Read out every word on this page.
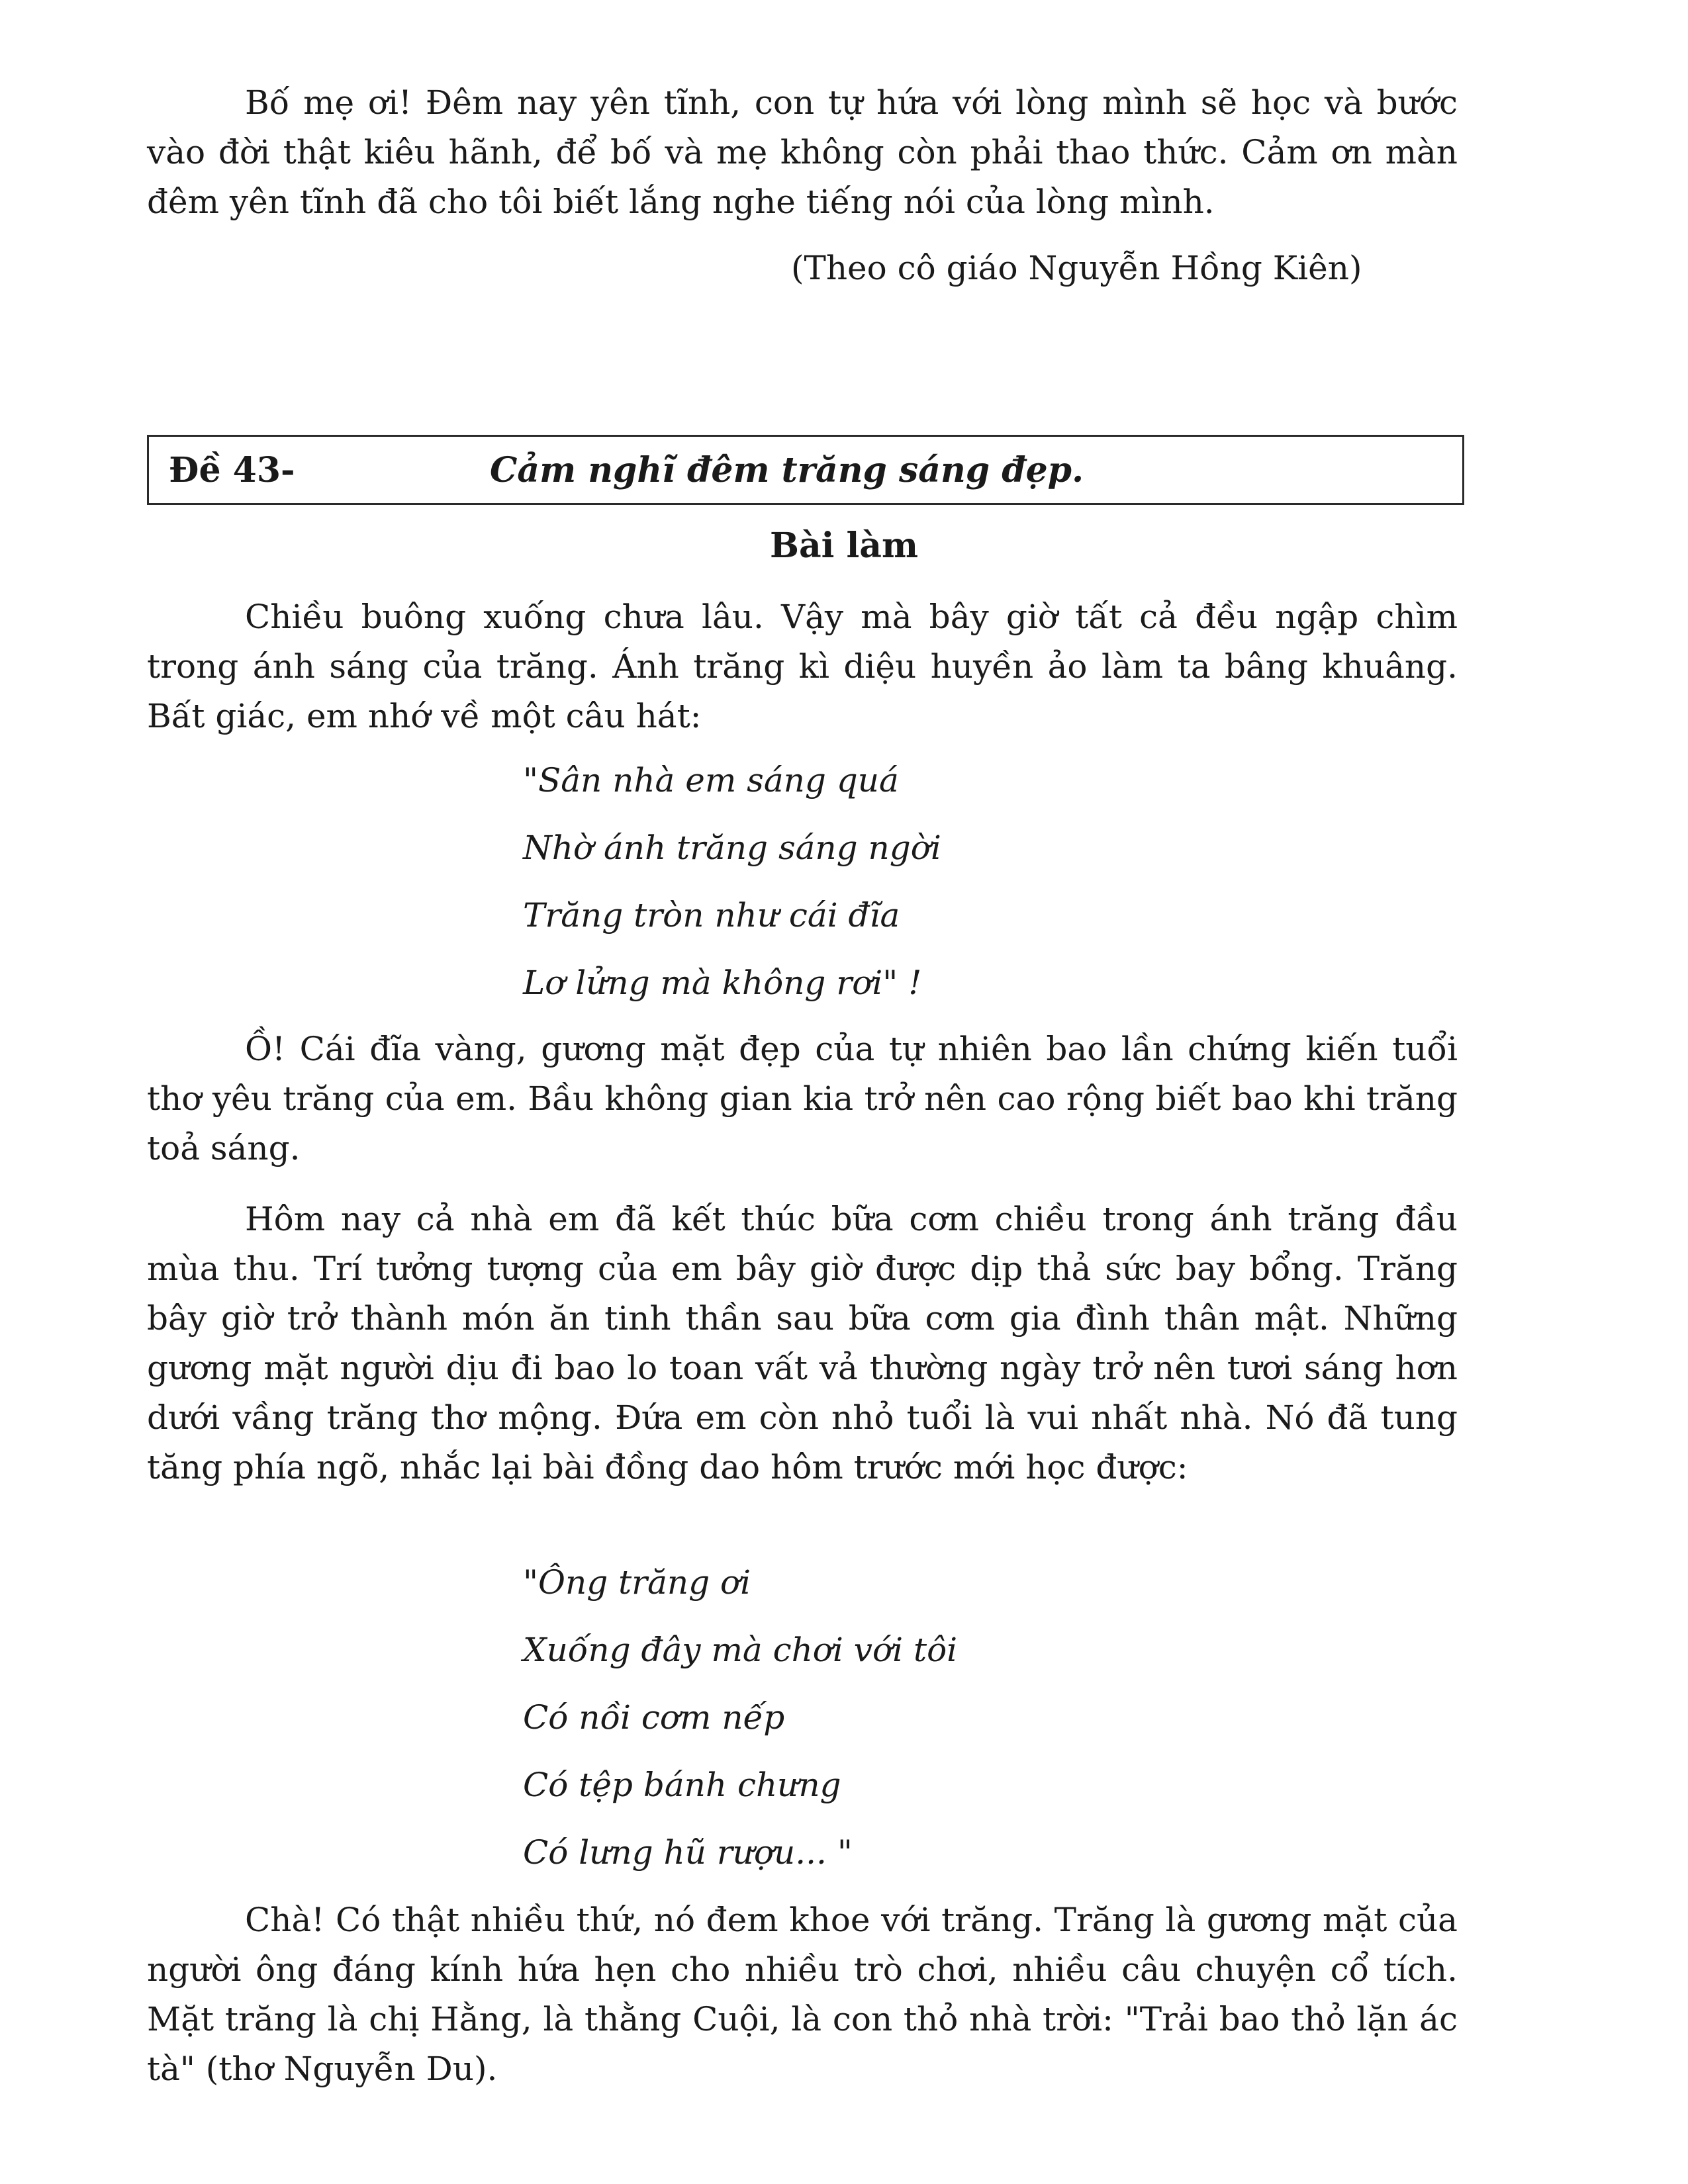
Bố mẹ ơi! Đêm nay yên tĩnh, con tự hứa với lòng mình sẽ học và bước vào đời thật kiêu hãnh, để bố và mẹ không còn phải thao thức. Cảm ơn màn đêm yên tĩnh đã cho tôi biết lắng nghe tiếng nói của lòng mình.

(Theo cô giáo Nguyễn Hồng Kiên)

Đề 43-	Cảm nghĩ đêm trăng sáng đẹp.
Bài làm

Chiều buông xuống chưa lâu. Vậy mà bây giờ tất cả đều ngập chìm trong ánh sáng của trăng. Ánh trăng kì diệu huyền ảo làm ta bâng khuâng. Bất giác, em nhớ về một câu hát:

"Sân nhà em sáng quá
Nhờ ánh trăng sáng ngời
Trăng tròn như cái đĩa
Lơ lửng mà không rơi" !

Ồ! Cái đĩa vàng, gương mặt đẹp của tự nhiên bao lần chứng kiến tuổi thơ yêu trăng của em. Bầu không gian kia trở nên cao rộng biết bao khi trăng toả sáng.

Hôm nay cả nhà em đã kết thúc bữa cơm chiều trong ánh trăng đầu mùa thu. Trí tưởng tượng của em bây giờ được dịp thả sức bay bổng. Trăng bây giờ trở thành món ăn tinh thần sau bữa cơm gia đình thân mật. Những gương mặt người dịu đi bao lo toan vất vả thường ngày trở nên tươi sáng hơn dưới vầng trăng thơ mộng. Đứa em còn nhỏ tuổi là vui nhất nhà. Nó đã tung tăng phía ngõ, nhắc lại bài đồng dao hôm trước mới học được:

"Ông trăng ơi
Xuống đây mà chơi với tôi
Có nồi cơm nếp
Có tệp bánh chưng
Có lưng hũ rượu... "

Chà! Có thật nhiều thứ, nó đem khoe với trăng. Trăng là gương mặt của người ông đáng kính hứa hẹn cho nhiều trò chơi, nhiều câu chuyện cổ tích. Mặt trăng là chị Hằng, là thằng Cuội, là con thỏ nhà trời: "Trải bao thỏ lặn ác tà" (thơ Nguyễn Du).
